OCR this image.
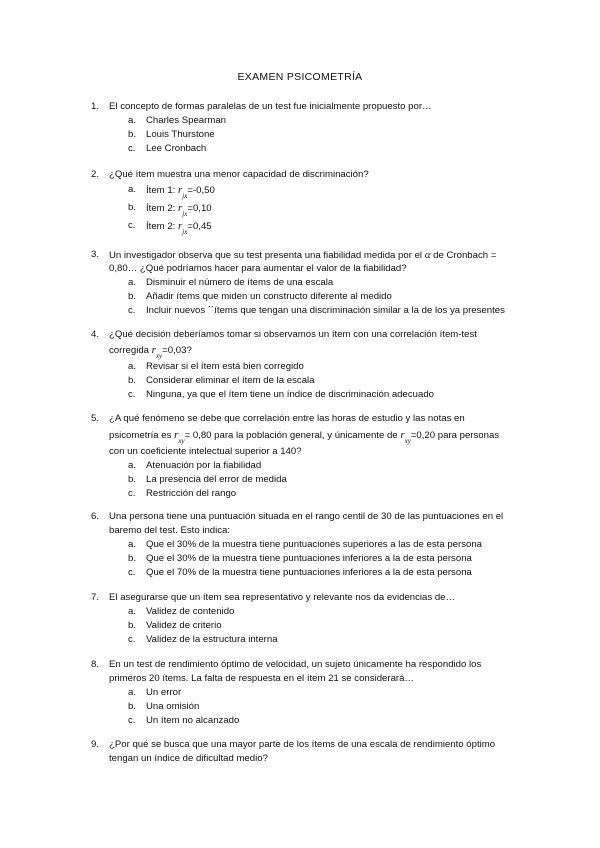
EXAMEN PSICOMETRÍA
1. El concepto de formas paralelas de un test fue inicialmente propuesto por…
a. Charles Spearman
b. Louis Thurstone
c. Lee Cronbach
2. ¿Qué ítem muestra una menor capacidad de discriminación?
a. Ítem 1: $r_{jx}=-0,50$
b. Ítem 2: $r_{jx}=0,10$
c. Ítem 2: $r_{jx}=0,45$
3. Un investigador observa que su test presenta una fiabilidad medida por el α de Cronbach =
0,80… ¿Qué podríamos hacer para aumentar el valor de la fiabilidad?
a. Disminuir el número de ítems de una escala
b. Añadir ítems que miden un constructo diferente al medido
c. Incluir nuevos ´´ítems que tengan una discriminación similar a la de los ya presentes
4. ¿Qué decisión deberíamos tomar si observamos un ítem con una correlación ítem-test
corregida $r_{xy}=0,03$?
a. Revisar si el ítem está bien corregido
b. Considerar eliminar el ítem de la escala
c. Ninguna, ya que el ítem tiene un índice de discriminación adecuado
5. ¿A qué fenómeno se debe que correlación entre las horas de estudio y las notas en
psicometría es $r_{xy}= 0,80$ para la población general, y únicamente de $r_{xy}=0,20$ para personas
con un coeficiente intelectual superior a 140?
a. Atenuación por la fiabilidad
b. La presencia del error de medida
c. Restricción del rango
6. Una persona tiene una puntuación situada en el rango centil de 30 de las puntuaciones en el
baremo del test. Esto indica:
a. Que el 30% de la muestra tiene puntuaciones superiores a las de esta persona
b. Que el 30% de la muestra tiene puntuaciones inferiores a la de esta persona
c. Que el 70% de la muestra tiene puntuaciones inferiores a la de esta persona
7. El asegurarse que un ítem sea representativo y relevante nos da evidencias de…
a. Validez de contenido
b. Validez de criterio
c. Validez de la estructura interna
8. En un test de rendimiento óptimo de velocidad, un sujeto únicamente ha respondido los
primeros 20 ítems. La falta de respuesta en el ítem 21 se considerará…
a. Un error
b. Una omisión
c. Un ítem no alcanzado
9. ¿Por qué se busca que una mayor parte de los ítems de una escala de rendimiento óptimo
tengan un índice de dificultad medio?
